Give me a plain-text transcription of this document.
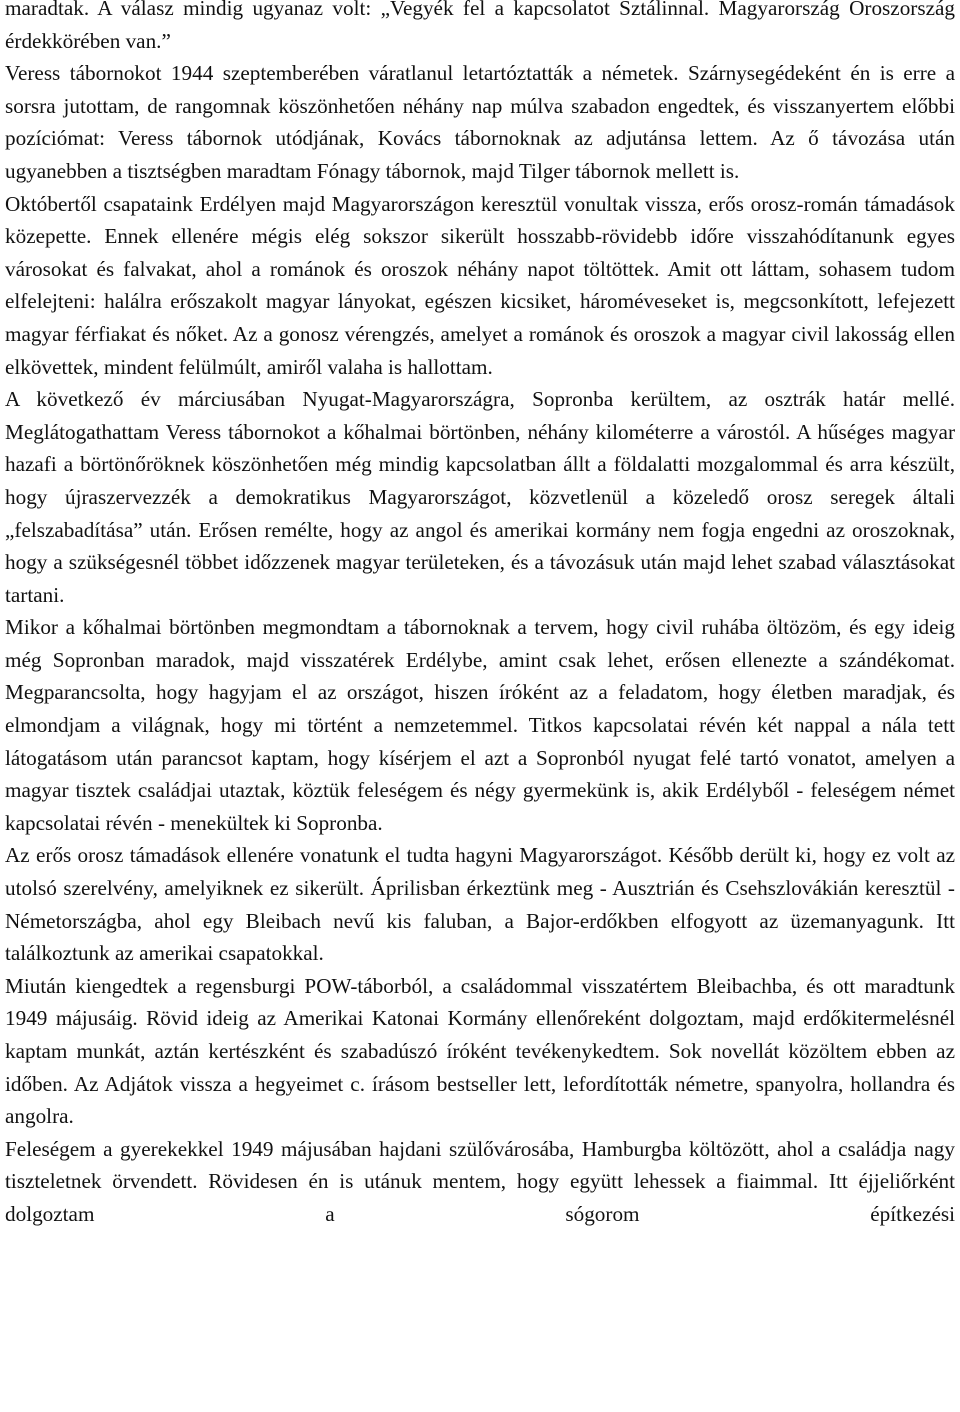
maradtak. A válasz mindig ugyanaz volt: „Vegyék fel a kapcsolatot Sztálinnal. Magyarország Oroszország érdekkörében van.”

Veress tábornokot 1944 szeptemberében váratlanul letartóztatták a németek. Szárnysegédeként én is erre a sorsra jutottam, de rangomnak köszönhetően néhány nap múlva szabadon engedtek, és visszanyertem előbbi pozíciómat: Veress tábornok utódjának, Kovács tábornoknak az adjutánsa lettem. Az ő távozása után ugyanebben a tisztségben maradtam Fónagy tábornok, majd Tilger tábornok mellett is.

Októbertől csapataink Erdélyen majd Magyarországon keresztül vonultak vissza, erős orosz-román támadások közepette. Ennek ellenére mégis elég sokszor sikerült hosszabb-rövidebb időre visszahódítanunk egyes városokat és falvakat, ahol a románok és oroszok néhány napot töltöttek. Amit ott láttam, sohasem tudom elfelejteni: halálra erőszakolt magyar lányokat, egészen kicsiket, hároméveseket is, megcsonkított, lefejezett magyar férfiakat és nőket. Az a gonosz vérengzés, amelyet a románok és oroszok a magyar civil lakosság ellen elkövettek, mindent felülmúlt, amiről valaha is hallottam.

A következő év márciusában Nyugat-Magyarországra, Sopronba kerültem, az osztrák határ mellé. Meglátogathattam Veress tábornokot a kőhalmai börtönben, néhány kilométerre a várostól. A hűséges magyar hazafi a börtönőröknek köszönhetően még mindig kapcsolatban állt a földalatti mozgalommal és arra készült, hogy újraszervezzék a demokratikus Magyarországot, közvetlenül a közeledő orosz seregek általi „felszabadítása” után. Erősen remélte, hogy az angol és amerikai kormány nem fogja engedni az oroszoknak, hogy a szükségesnél többet időzzenek magyar területeken, és a távozásuk után majd lehet szabad választásokat tartani.

Mikor a kőhalmai börtönben megmondtam a tábornoknak a tervem, hogy civil ruhába öltözöm, és egy ideig még Sopronban maradok, majd visszatérek Erdélybe, amint csak lehet, erősen ellenezte a szándékomat. Megparancsolta, hogy hagyjam el az országot, hiszen íróként az a feladatom, hogy életben maradjak, és elmondjam a világnak, hogy mi történt a nemzetemmel. Titkos kapcsolatai révén két nappal a nála tett látogatásom után parancsot kaptam, hogy kísérjem el azt a Sopronból nyugat felé tartó vonatot, amelyen a magyar tisztek családjai utaztak, köztük feleségem és négy gyermekünk is, akik Erdélyből - feleségem német kapcsolatai révén - menekültek ki Sopronba.

Az erős orosz támadások ellenére vonatunk el tudta hagyni Magyarországot. Később derült ki, hogy ez volt az utolsó szerelvény, amelyiknek ez sikerült. Áprilisban érkeztünk meg - Ausztrián és Csehszlovákián keresztül - Németországba, ahol egy Bleibach nevű kis faluban, a Bajor-erdőkben elfogyott az üzemanyagunk. Itt találkoztunk az amerikai csapatokkal.

Miután kiengedtek a regensburgi POW-táborból, a családommal visszatértem Bleibachba, és ott maradtunk 1949 májusáig. Rövid ideig az Amerikai Katonai Kormány ellenőreként dolgoztam, majd erdőkitermelésnél kaptam munkát, aztán kertészként és szabadúszó íróként tevékenykedtem. Sok novellát közöltem ebben az időben. Az Adjátok vissza a hegyeimet c. írásom bestseller lett, lefordították németre, spanyolra, hollandra és angolra.

Feleségem a gyerekekkel 1949 májusában hajdani szülővárosába, Hamburgba költözött, ahol a családja nagy tiszteletnek örvendett. Rövidesen én is utánuk mentem, hogy együtt lehessek a fiaimmal. Itt éjjeliőrként dolgoztam a sógorom építkezési
